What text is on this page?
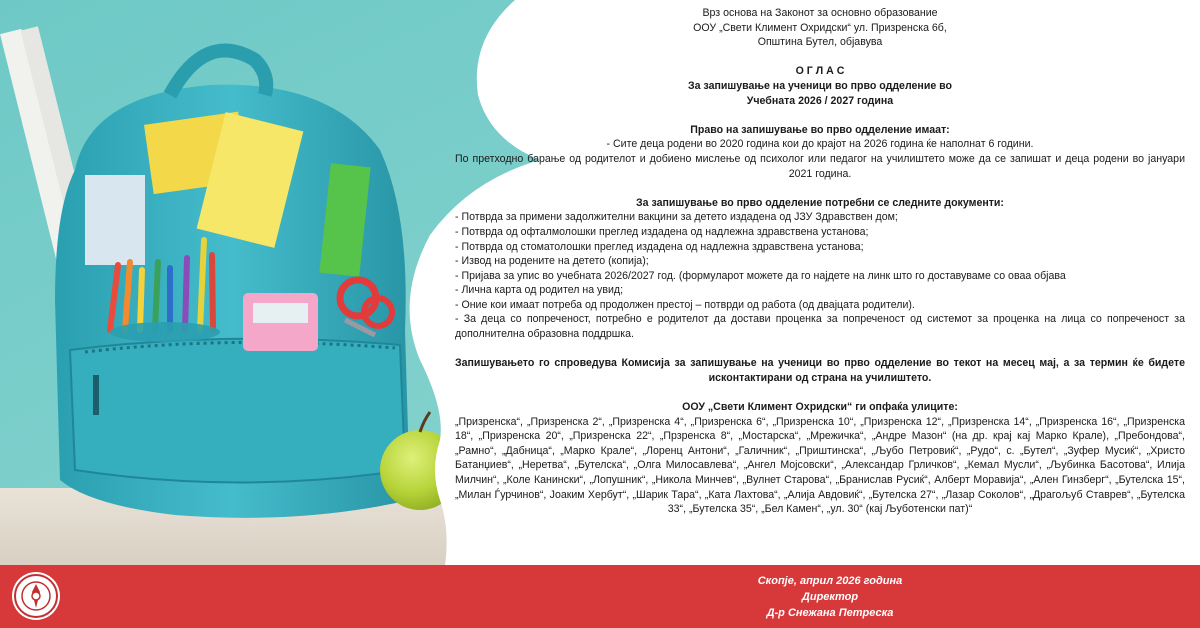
Врз основа на Законот за основно образование

ООУ „Свети Климент Охридски“ ул. Призренска 6б,

Општина Бутел, објавува

О Г Л А С

За запишување на ученици во прво одделение во

Учебната 2026 / 2027 година

Право на запишување во прво одделение имаат:

- Сите деца родени во 2020 година кои до крајот на 2026 година ќе наполнат 6 години.

По претходно барање од родителот и добиено мислење од психолог или педагог на училиштето може да се запишат и деца родени во јануари 2021 година.

За запишување во прво одделение потребни се следните документи:

- Потврда за примени задолжителни вакцини за детето издадена од ЈЗУ Здравствен дом;

- Потврда од офталмолошки преглед издадена од надлежна здравствена установа;

- Потврда од стоматолошки преглед издадена од надлежна здравствена установа;

- Извод на родените на детето (копија);

- Пријава за упис во учебната 2026/2027 год. (формуларот можете да го најдете на линк што го доставуваме со оваа објава

- Лична карта од родител на увид;

- Оние кои имаат потреба од продолжен престој – потврди од работа (од двајцата родители).

- За деца со попреченост, потребно е родителот да достави проценка за попреченост од системот за проценка на лица со попреченост за дополнителна образовна поддршка.

Запишувањето го спроведува Комисија за запишување на ученици во прво одделение во текот на месец мај, а за термин ќе бидете исконтактирани од страна на училиштето.

ООУ „Свети Климент Охридски“ ги опфаќа улиците:

„Призренска“, „Призренска 2“, „Призренска 4“, „Призренска 6“, „Призренска 10“, „Призренска 12“, „Призренска 14“, „Призренска 16“, „Призренска 18“, „Призренска 20“, „Призренска 22“, „Прзренска 8“, „Мостарска“, „Мрежичка“, „Андре Мазон“ (на др. крај кај Марко Крале), „Пребондова“, „Рамно“, „Дабница“, „Марко Крале“, „Лоренц Антони“, „Галичник“, „Приштинска“, „Љубо Петровиќ“, „Рудо“, с. „Бутел“, „Зуфер Мусиќ“, „Христо Батанџиев“, „Неретва“, „Бутелска“, „Олга Милосавлева“, „Ангел Мојсовски“, „Александар Грличков“, „Кемал Мусли“, „Љубинка Басотова“, Илија Милчин“, „Коле Канински“, „Лопушник“, „Никола Минчев“, „Вулнет Старова“, „Бранислав Русиќ“, Алберт Моравија“, „Ален Гинзберг“, „Бутелска 15“, „Милан Ѓурчинов“, Јоаким Хербут“, „Шарик Тара“, „Ката Лахтова“, „Алија Авдовиќ“, „Бутелска 27“, „Лазар Соколов“, „Драгољуб Ставрев“, „Бутелска 33“, „Бутелска 35“, „Бел Камен“, „ул. 30“ (кај Љуботенски пат)“

Скопје, април 2026 година

Директор

Д-р Снежана Петреска
